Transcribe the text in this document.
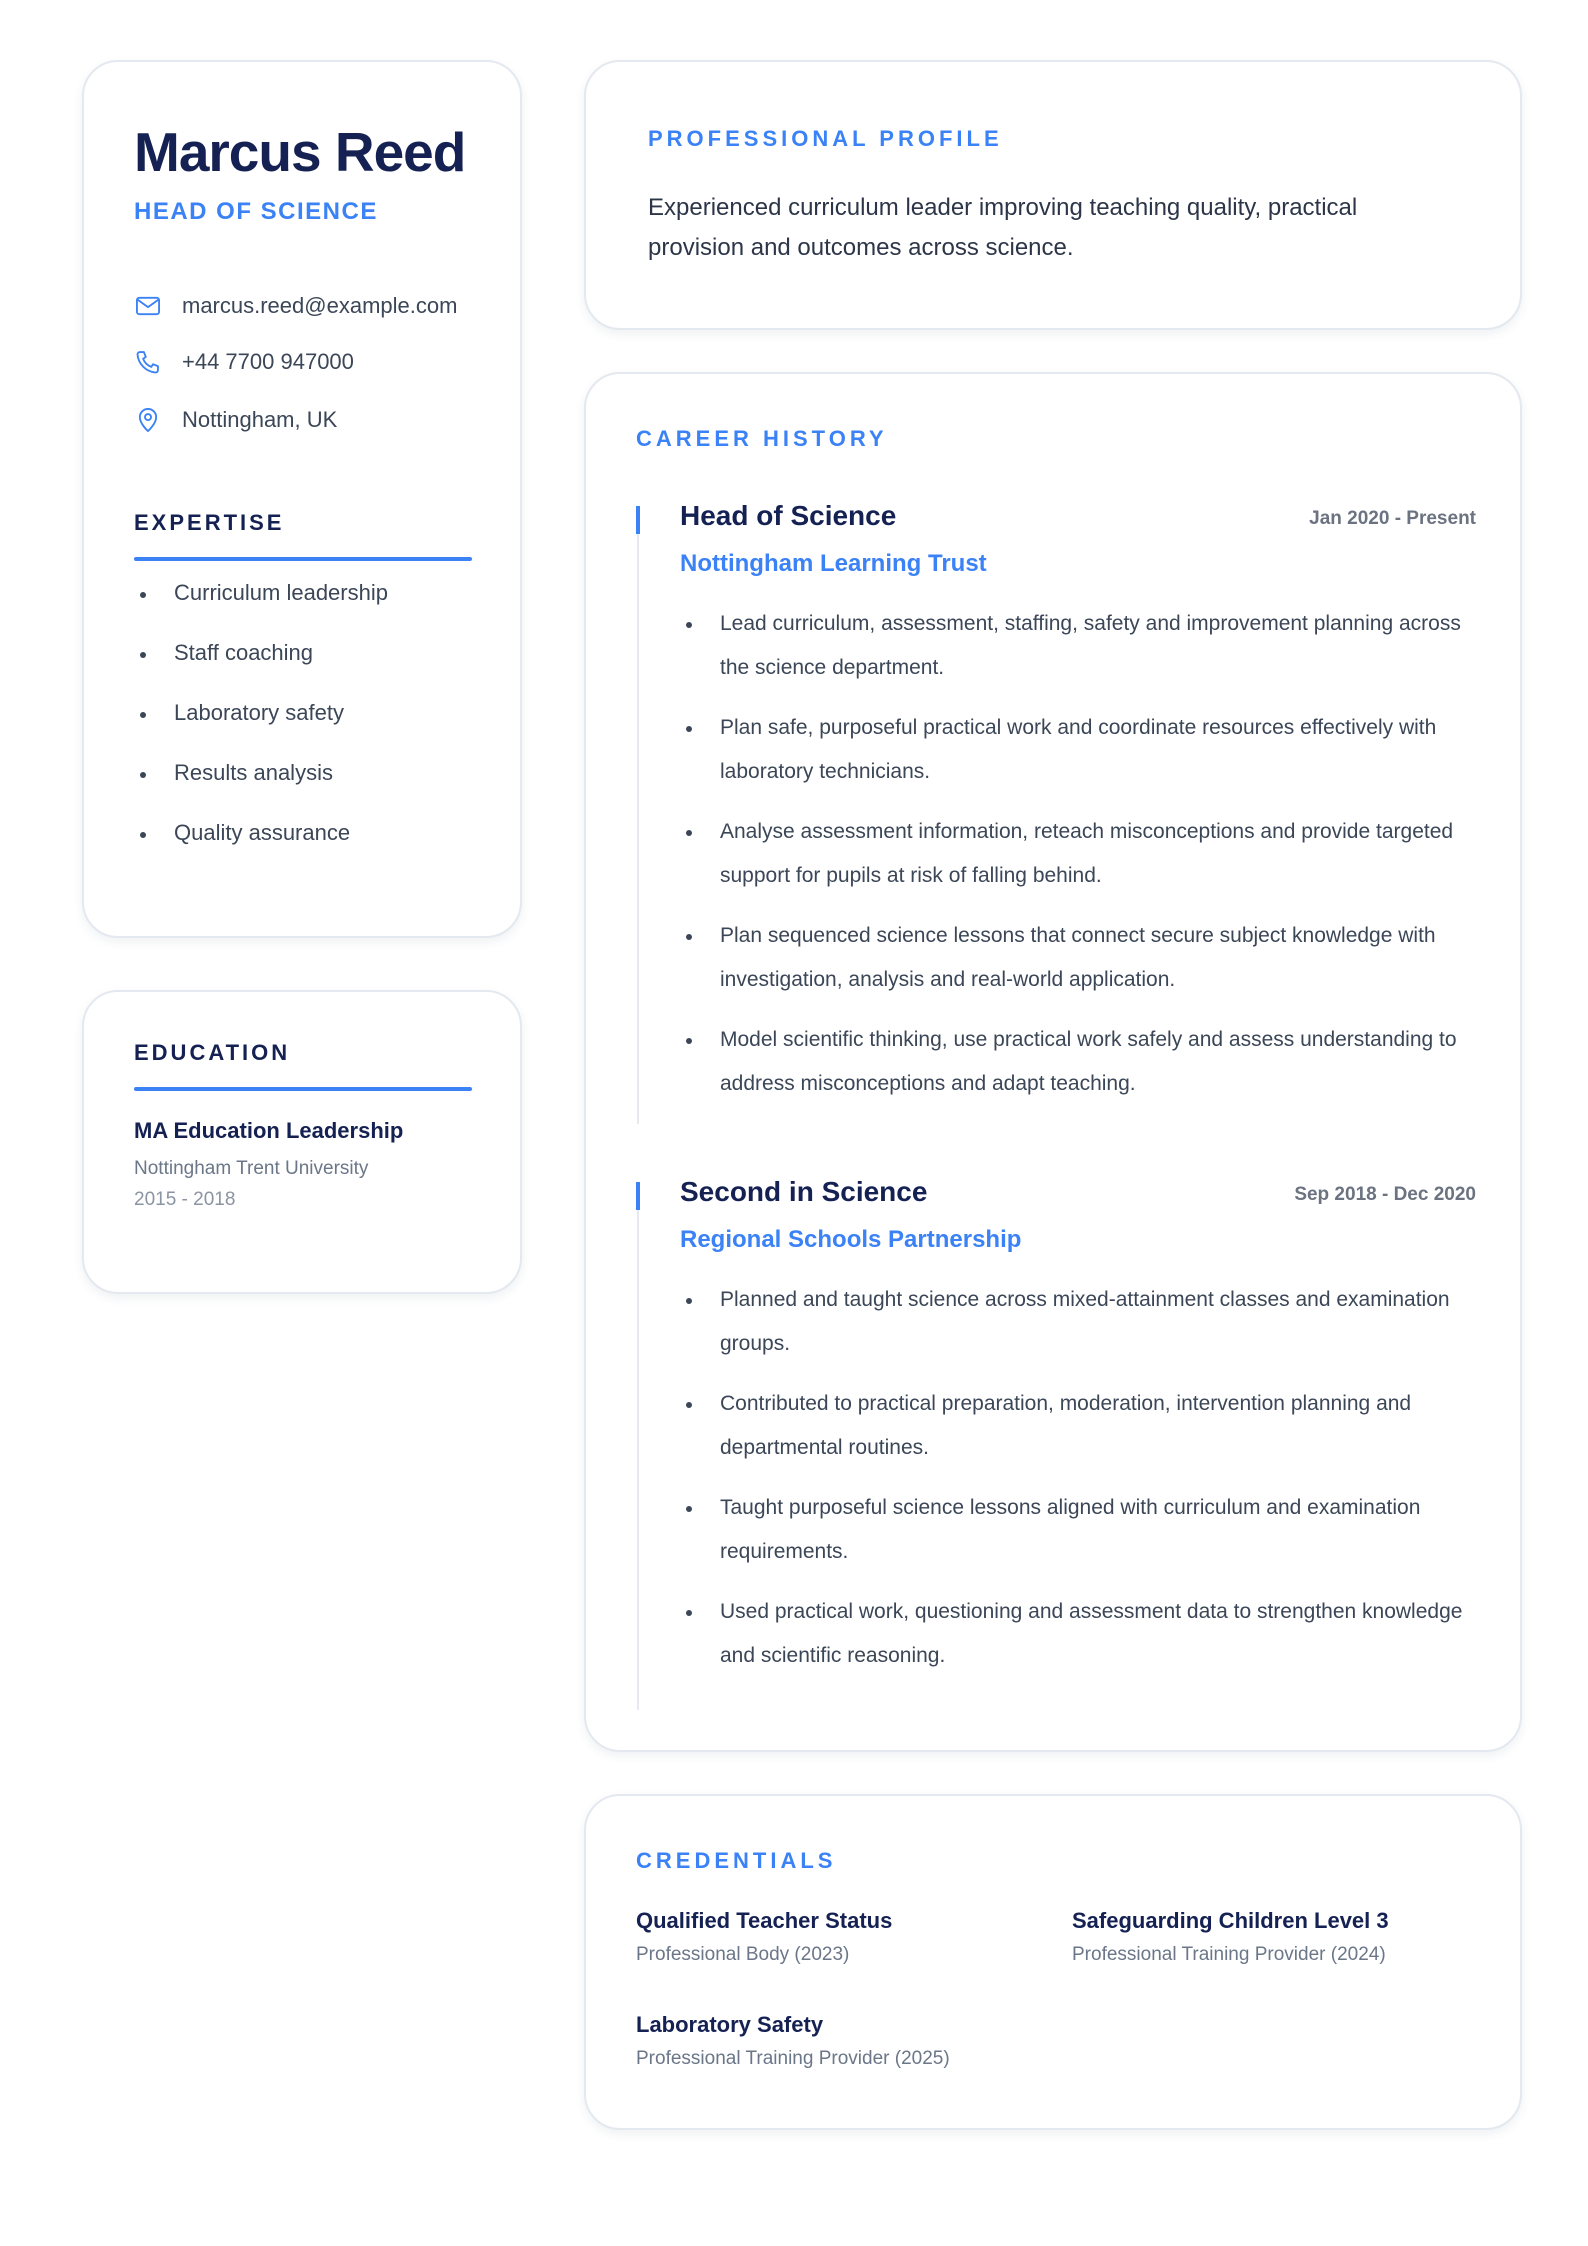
Marcus Reed
HEAD OF SCIENCE
marcus.reed@example.com
+44 7700 947000
Nottingham, UK
EXPERTISE
Curriculum leadership
Staff coaching
Laboratory safety
Results analysis
Quality assurance
EDUCATION
MA Education Leadership
Nottingham Trent University
2015 - 2018
PROFESSIONAL PROFILE

Experienced curriculum leader improving teaching quality, practical provision and outcomes across science.

CAREER HISTORY
Head of Science	Jan 2020 - Present
Nottingham Learning Trust
Lead curriculum, assessment, staffing, safety and improvement planning across the science department.
Plan safe, purposeful practical work and coordinate resources effectively with laboratory technicians.
Analyse assessment information, reteach misconceptions and provide targeted support for pupils at risk of falling behind.
Plan sequenced science lessons that connect secure subject knowledge with investigation, analysis and real-world application.
Model scientific thinking, use practical work safely and assess understanding to address misconceptions and adapt teaching.
Second in Science	Sep 2018 - Dec 2020
Regional Schools Partnership
Planned and taught science across mixed-attainment classes and examination groups.
Contributed to practical preparation, moderation, intervention planning and departmental routines.
Taught purposeful science lessons aligned with curriculum and examination requirements.
Used practical work, questioning and assessment data to strengthen knowledge and scientific reasoning.
CREDENTIALS
Qualified Teacher Status
Professional Body (2023)
Safeguarding Children Level 3
Professional Training Provider (2024)
Laboratory Safety
Professional Training Provider (2025)
